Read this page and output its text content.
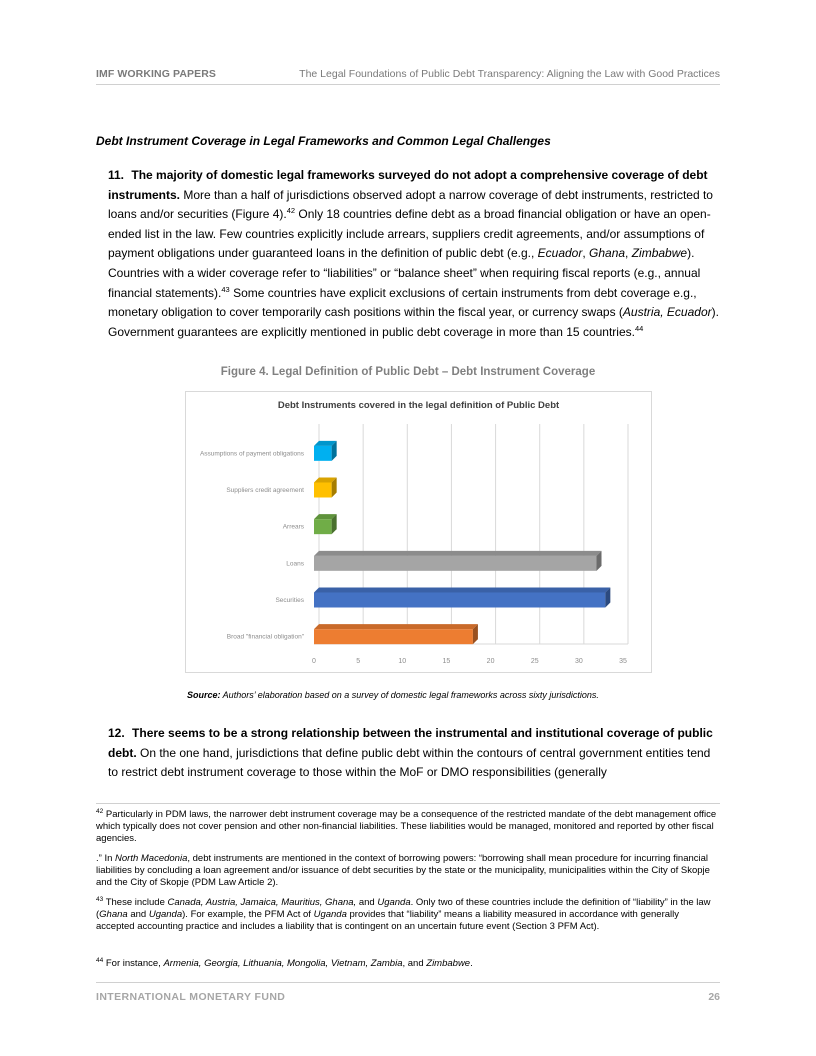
IMF WORKING PAPERS	The Legal Foundations of Public Debt Transparency: Aligning the Law with Good Practices
Debt Instrument Coverage in Legal Frameworks and Common Legal Challenges

11. The majority of domestic legal frameworks surveyed do not adopt a comprehensive coverage of debt instruments. More than a half of jurisdictions observed adopt a narrow coverage of debt instruments, restricted to loans and/or securities (Figure 4).$^{42}$ Only 18 countries define debt as a broad financial obligation or have an open-ended list in the law. Few countries explicitly include arrears, suppliers credit agreements, and/or assumptions of payment obligations under guaranteed loans in the definition of public debt (e.g., Ecuador, Ghana, Zimbabwe). Countries with a wider coverage refer to “liabilities” or “balance sheet” when requiring fiscal reports (e.g., annual financial statements).$^{43}$ Some countries have explicit exclusions of certain instruments from debt coverage e.g., monetary obligation to cover temporarily cash positions within the fiscal year, or currency swaps (Austria, Ecuador). Government guarantees are explicitly mentioned in public debt coverage in more than 15 countries.$^{44}$

Figure 4. Legal Definition of Public Debt – Debt Instrument Coverage
Debt Instruments covered in the legal definition of Public Debt
0	5	10	15	20	25	30	35
Assumptions of payment obligations
Suppliers credit agreement
Arrears
Loans
Securities
Broad "financial obligation"
Source: Authors’ elaboration based on a survey of domestic legal frameworks across sixty jurisdictions.

12. There seems to be a strong relationship between the instrumental and institutional coverage of public debt. On the one hand, jurisdictions that define public debt within the contours of central government entities tend to restrict debt instrument coverage to those within the MoF or DMO responsibilities (generally

$^{42}$ Particularly in PDM laws, the narrower debt instrument coverage may be a consequence of the restricted mandate of the debt management office which typically does not cover pension and other non-financial liabilities. These liabilities would be managed, monitored and reported by other fiscal agencies.

.” In North Macedonia, debt instruments are mentioned in the context of borrowing powers: “borrowing shall mean procedure for incurring financial liabilities by concluding a loan agreement and/or issuance of debt securities by the state or the municipality, municipalities within the City of Skopje and the City of Skopje (PDM Law Article 2).

$^{43}$ These include Canada, Austria, Jamaica, Mauritius, Ghana, and Uganda. Only two of these countries include the definition of “liability” in the law (Ghana and Uganda). For example, the PFM Act of Uganda provides that “liability” means a liability measured in accordance with generally accepted accounting practice and includes a liability that is contingent on an uncertain future event (Section 3 PFM Act).

$^{44}$ For instance, Armenia, Georgia, Lithuania, Mongolia, Vietnam, Zambia, and Zimbabwe.

INTERNATIONAL MONETARY FUND	26
